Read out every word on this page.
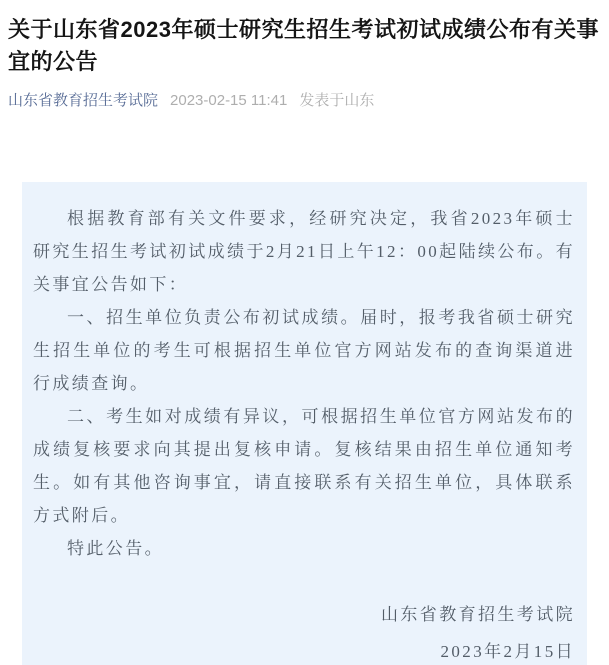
关于山东省2023年硕士研究生招生考试初试成绩公布有关事宜的公告
山东省教育招生考试院 2023-02-15 11:41 发表于山东

根据教育部有关文件要求，经研究决定，我省2023年硕士研究生招生考试初试成绩于2月21日上午12：00起陆续公布。有关事宜公告如下：

一、招生单位负责公布初试成绩。届时，报考我省硕士研究生招生单位的考生可根据招生单位官方网站发布的查询渠道进行成绩查询。

二、考生如对成绩有异议，可根据招生单位官方网站发布的成绩复核要求向其提出复核申请。复核结果由招生单位通知考生。如有其他咨询事宜，请直接联系有关招生单位，具体联系方式附后。

特此公告。

山东省教育招生考试院
2023年2月15日
